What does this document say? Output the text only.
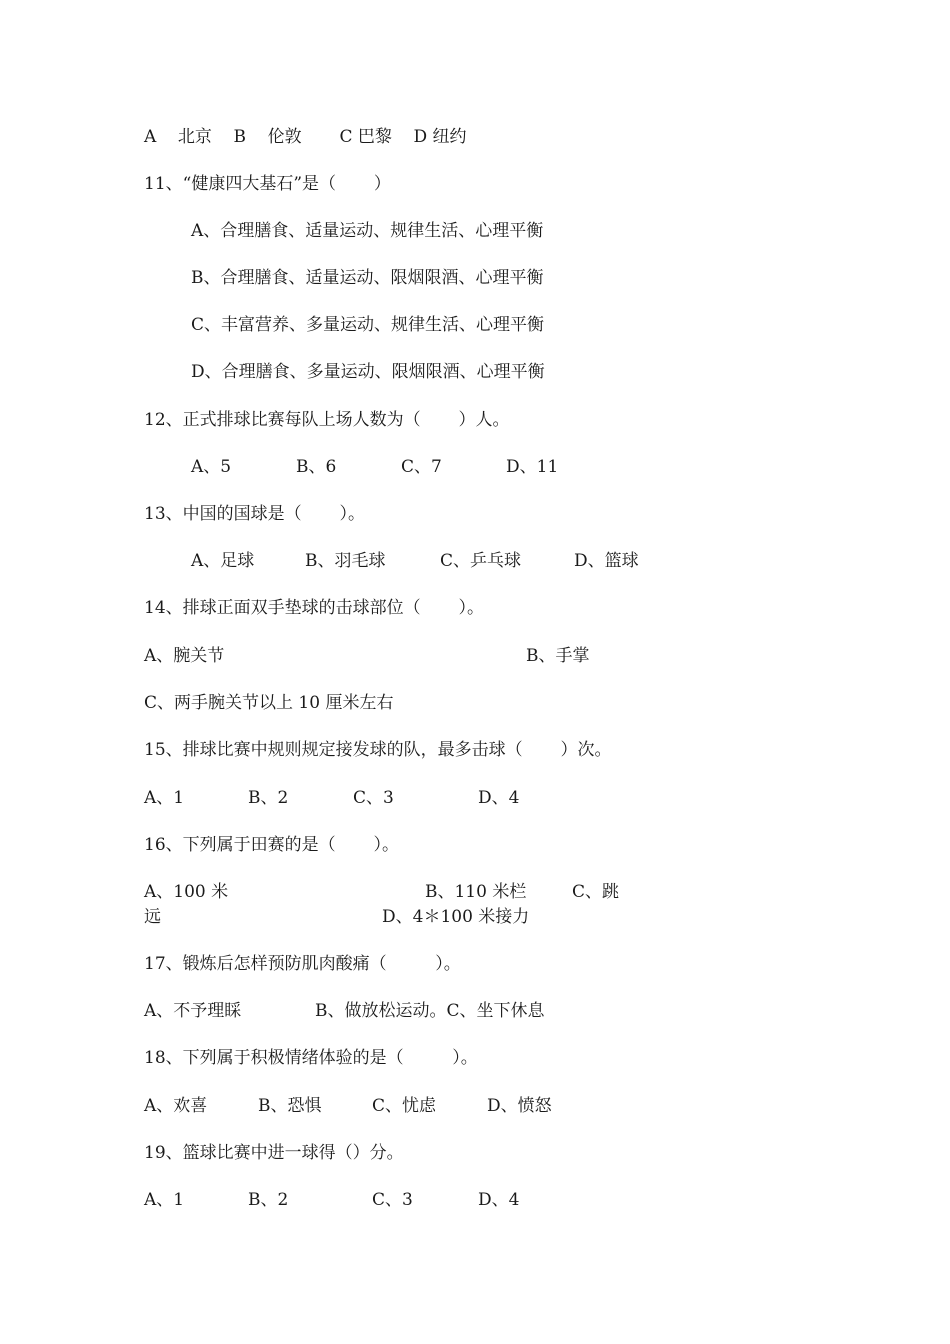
A    北京    B    伦敦       C 巴黎    D 纽约
11、“健康四大基石”是（       ）
A、合理膳食、适量运动、规律生活、心理平衡
B、合理膳食、适量运动、限烟限酒、心理平衡
C、丰富营养、多量运动、规律生活、心理平衡
D、合理膳食、多量运动、限烟限酒、心理平衡
12、正式排球比赛每队上场人数为（       ）人。
A、5	B、6	C、7	D、11
13、中国的国球是（       ）。
A、足球	B、羽毛球	C、乒乓球	D、篮球
14、排球正面双手垫球的击球部位（       ）。
A、腕关节	B、手掌
C、两手腕关节以上 10 厘米左右
15、排球比赛中规则规定接发球的队，最多击球（       ）次。
A、1	B、2	C、3	D、4
16、下列属于田赛的是（       ）。
A、100 米	B、110 米栏	C、跳
远	D、4＊100 米接力
17、锻炼后怎样预防肌肉酸痛（         ）。
A、不予理睬	B、做放松运动。C、坐下休息
18、下列属于积极情绪体验的是（         ）。
A、欢喜	B、恐惧	C、忧虑	D、愤怒
19、篮球比赛中进一球得（）分。
A、1	B、2	C、3	D、4
